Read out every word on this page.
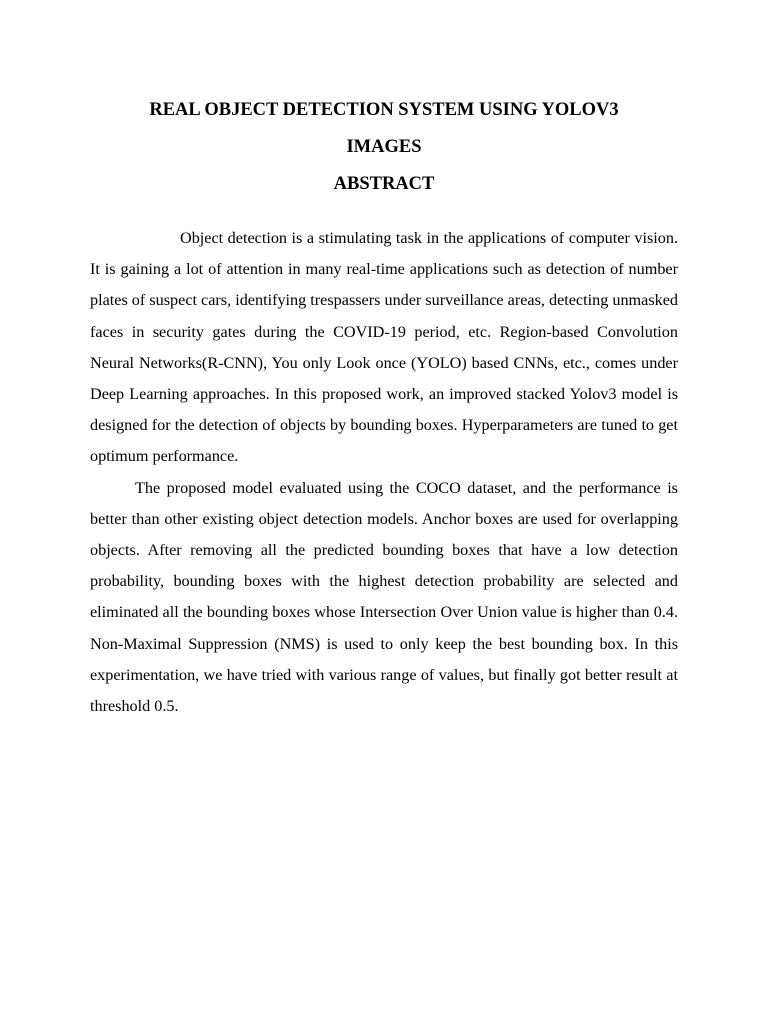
REAL OBJECT DETECTION SYSTEM USING YOLOV3
IMAGES
ABSTRACT

Object detection is a stimulating task in the applications of computer vision. It is gaining a lot of attention in many real-time applications such as detection of number plates of suspect cars, identifying trespassers under surveillance areas, detecting unmasked faces in security gates during the COVID-19 period, etc. Region-based Convolution Neural Networks(R-CNN), You only Look once (YOLO) based CNNs, etc., comes under Deep Learning approaches. In this proposed work, an improved stacked Yolov3 model is designed for the detection of objects by bounding boxes. Hyperparameters are tuned to get optimum performance.

The proposed model evaluated using the COCO dataset, and the performance is better than other existing object detection models. Anchor boxes are used for overlapping objects. After removing all the predicted bounding boxes that have a low detection probability, bounding boxes with the highest detection probability are selected and eliminated all the bounding boxes whose Intersection Over Union value is higher than 0.4. Non-Maximal Suppression (NMS) is used to only keep the best bounding box. In this experimentation, we have tried with various range of values, but finally got better result at threshold 0.5.
